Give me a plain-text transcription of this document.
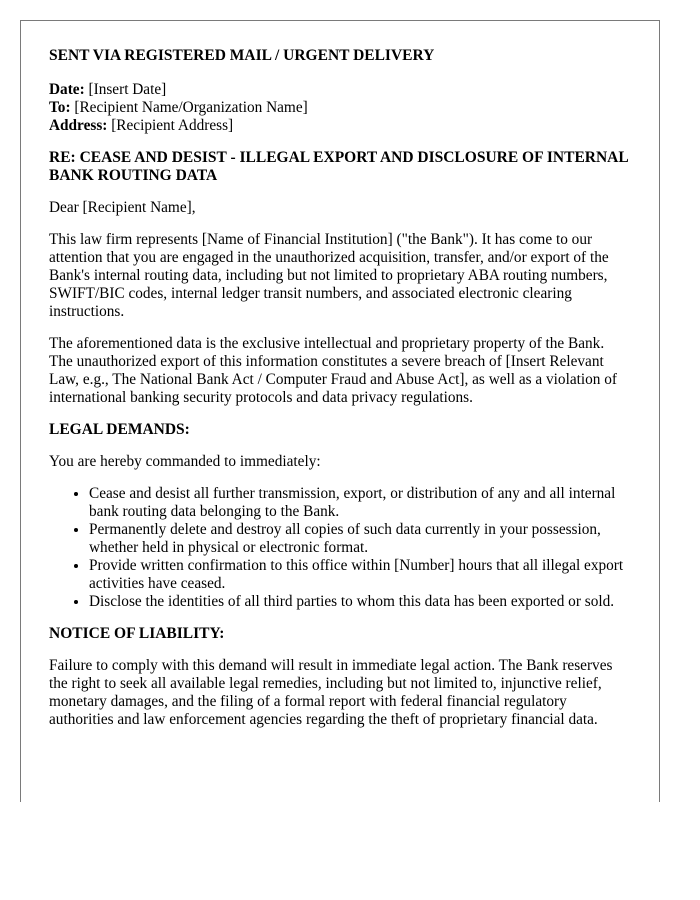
SENT VIA REGISTERED MAIL / URGENT DELIVERY
Date: [Insert Date]
To: [Recipient Name/Organization Name]
Address: [Recipient Address]
RE: CEASE AND DESIST - ILLEGAL EXPORT AND DISCLOSURE OF INTERNAL BANK ROUTING DATA

Dear [Recipient Name],

This law firm represents [Name of Financial Institution] ("the Bank"). It has come to our attention that you are engaged in the unauthorized acquisition, transfer, and/or export of the Bank's internal routing data, including but not limited to proprietary ABA routing numbers, SWIFT/BIC codes, internal ledger transit numbers, and associated electronic clearing instructions.

The aforementioned data is the exclusive intellectual and proprietary property of the Bank. The unauthorized export of this information constitutes a severe breach of [Insert Relevant Law, e.g., The National Bank Act / Computer Fraud and Abuse Act], as well as a violation of international banking security protocols and data privacy regulations.

LEGAL DEMANDS:

You are hereby commanded to immediately:

• Cease and desist all further transmission, export, or distribution of any and all internal bank routing data belonging to the Bank.
• Permanently delete and destroy all copies of such data currently in your possession, whether held in physical or electronic format.
• Provide written confirmation to this office within [Number] hours that all illegal export activities have ceased.
• Disclose the identities of all third parties to whom this data has been exported or sold.
NOTICE OF LIABILITY:

Failure to comply with this demand will result in immediate legal action. The Bank reserves the right to seek all available legal remedies, including but not limited to, injunctive relief, monetary damages, and the filing of a formal report with federal financial regulatory authorities and law enforcement agencies regarding the theft of proprietary financial data.
